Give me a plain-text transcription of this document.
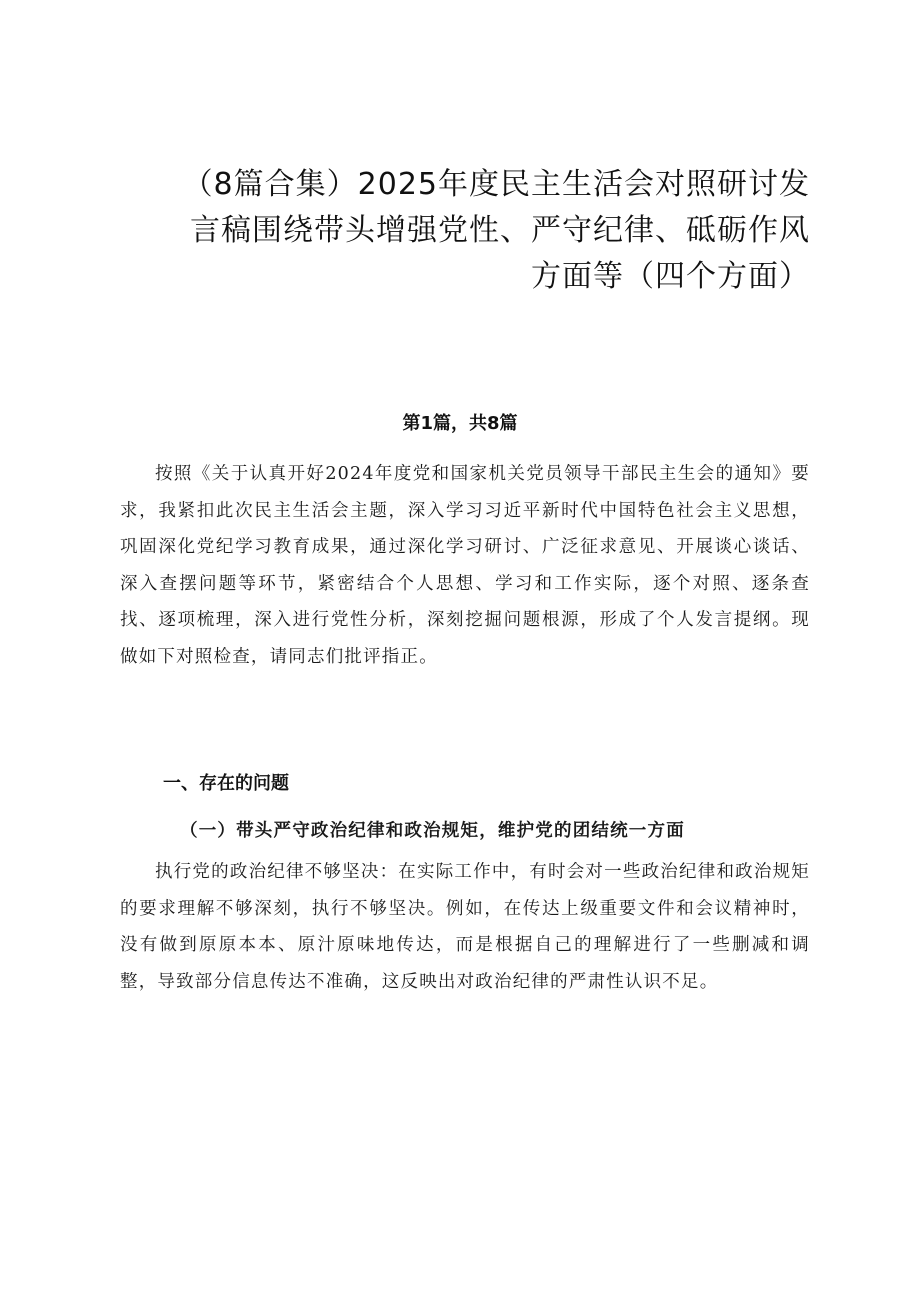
（8篇合集）2025年度民主生活会对照研讨发
言稿围绕带头增强党性、严守纪律、砥砺作风
方面等（四个方面）
第1篇，共8篇

按照《关于认真开好2024年度党和国家机关党员领导干部民主生会的通知》要求，我紧扣此次民主生活会主题，深入学习习近平新时代中国特色社会主义思想，巩固深化党纪学习教育成果，通过深化学习研讨、广泛征求意见、开展谈心谈话、深入查摆问题等环节，紧密结合个人思想、学习和工作实际，逐个对照、逐条查找、逐项梳理，深入进行党性分析，深刻挖掘问题根源，形成了个人发言提纲。现做如下对照检查，请同志们批评指正。

一、存在的问题
（一）带头严守政治纪律和政治规矩，维护党的团结统一方面

执行党的政治纪律不够坚决：在实际工作中，有时会对一些政治纪律和政治规矩的要求理解不够深刻，执行不够坚决。例如，在传达上级重要文件和会议精神时，没有做到原原本本、原汁原味地传达，而是根据自己的理解进行了一些删减和调整，导致部分信息传达不准确，这反映出对政治纪律的严肃性认识不足。
